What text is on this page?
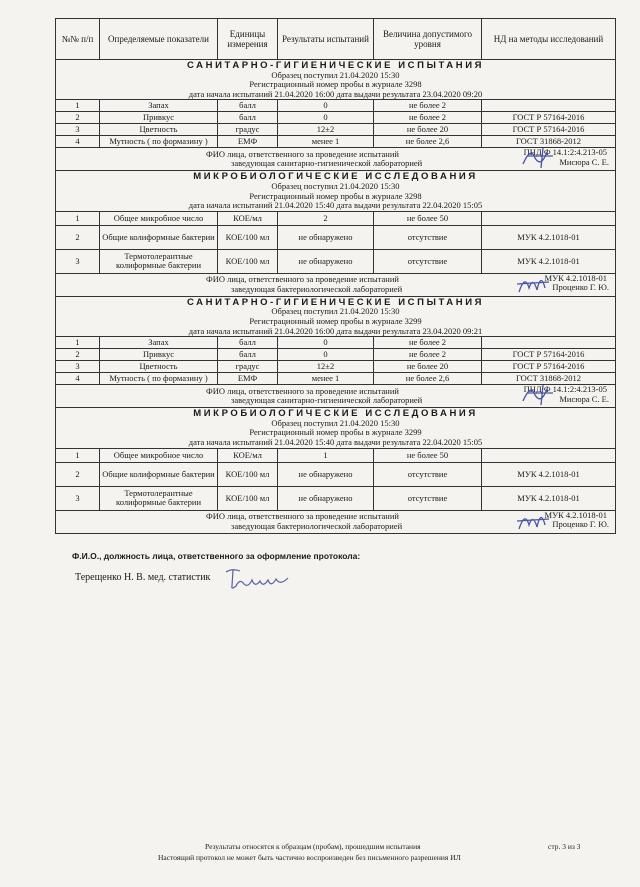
№№ п/п	Определяемые показатели	Единицы измерения	Результаты испытаний	Величина допустимого уровня	НД на методы исследований

САНИТАРНО-ГИГИЕНИЧЕСКИЕ ИСПЫТАНИЯ
Образец поступил 21.04.2020 15:30
Регистрационный номер пробы в журнале 3298
дата начала испытаний 21.04.2020 16:00 дата выдачи результата 23.04.2020 09:20					

1	Запах	балл	0	не более 2	
2	Привкус	балл	0	не более 2	ГОСТ Р 57164-2016
3	Цветность	градус	12±2	не более 20	ГОСТ Р 57164-2016
4	Мутность ( по формазину )	ЕМФ	менее 1	не более 2,6	ГОСТ 31868-2012

ПНД Ф 14.1:2:4.213-05
ФИО лица, ответственного за проведение испытаний
заведующая санитарно-гигиенической лабораторией Мисюра С. Е.					

МИКРОБИОЛОГИЧЕСКИЕ ИССЛЕДОВАНИЯ
Образец поступил 21.04.2020 15:30
Регистрационный номер пробы в журнале 3298
дата начала испытаний 21.04.2020 15:40 дата выдачи результата 22.04.2020 15:05					

1	Общее микробное число	КОЕ/мл	2	не более 50	
2	Общие колиформные бактерии	КОЕ/100 мл	не обнаружено	отсутствие	МУК 4.2.1018-01
3	Термотолерантные колиформные бактерии	КОЕ/100 мл	не обнаружено	отсутствие	МУК 4.2.1018-01

МУК 4.2.1018-01
ФИО лица, ответственного за проведение испытаний
заведующая бактериологической лабораторией Проценко Г. Ю.					

САНИТАРНО-ГИГИЕНИЧЕСКИЕ ИСПЫТАНИЯ
Образец поступил 21.04.2020 15:30
Регистрационный номер пробы в журнале 3299
дата начала испытаний 21.04.2020 16:00 дата выдачи результата 23.04.2020 09:21					

1	Запах	балл	0	не более 2	
2	Привкус	балл	0	не более 2	ГОСТ Р 57164-2016
3	Цветность	градус	12±2	не более 20	ГОСТ Р 57164-2016
4	Мутность ( по формазину )	ЕМФ	менее 1	не более 2,6	ГОСТ 31868-2012

ПНД Ф 14.1:2:4.213-05
ФИО лица, ответственного за проведение испытаний
заведующая санитарно-гигиенической лабораторией Мисюра С. Е.					

МИКРОБИОЛОГИЧЕСКИЕ ИССЛЕДОВАНИЯ
Образец поступил 21.04.2020 15:30
Регистрационный номер пробы в журнале 3299
дата начала испытаний 21.04.2020 15:40 дата выдачи результата 22.04.2020 15:05					

1	Общее микробное число	КОЕ/мл	1	не более 50	
2	Общие колиформные бактерии	КОЕ/100 мл	не обнаружено	отсутствие	МУК 4.2.1018-01
3	Термотолерантные колиформные бактерии	КОЕ/100 мл	не обнаружено	отсутствие	МУК 4.2.1018-01

МУК 4.2.1018-01
ФИО лица, ответственного за проведение испытаний
заведующая бактериологической лабораторией Проценко Г. Ю.					
Ф.И.О., должность лица, ответственного за оформление протокола:
Терещенко Н. В. мед. статистик
Результаты относятся к образцам (пробам), прошедшим испытания
Настоящий протокол не может быть частично воспроизведен без письменного разрешения ИЛ
стр. 3 из 3
